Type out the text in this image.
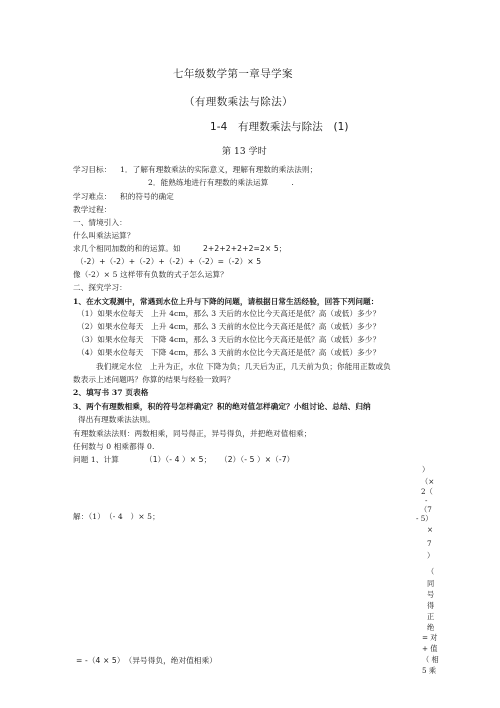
七年级数学第一章导学案
（有理数乘法与除法）
1-4　有理数乘法与除法　(1)
第 13 学时
学习目标： 1．了解有理数乘法的实际意义，理解有理数的乘法法则；
2．能熟练地进行有理数的乘法运算　　　.
学习难点： 积的符号的确定
教学过程：
一、情境引入：
什么叫乘法运算？
求几个相同加数的和的运算。如	2+2+2+2+2=2× 5；
（-2）+（-2）+（-2）+（-2）+（-2）=（-2）× 5
像（-2）× 5 这样带有负数的式子怎么运算？
二、探究学习：
1、在水文观测中，常遇到水位上升与下降的问题，请根据日常生活经验，回答下列问题：
（1）如果水位每天　上升 4cm，那么 3 天后的水位比今天高还是低？高（或低）多少？
（2）如果水位每天　上升 4cm，那么 3 天前的水位比今天高还是低？高（或低）多少？
（3）如果水位每天　下降 4cm，那么 3 天后的水位比今天高还是低？高（或低）多少？
（4）如果水位每天　下降 4cm，那么 3 天前的水位比今天高还是低？高（或低）多少？
我们规定水位　上升为正，水位 下降为负；几天后为正，几天前为负；你能用正数或负
数表示上述问题吗？你算的结果与经验一致吗？
2、填写书 37 页表格
3、两个有理数相乘，积的符号怎样确定？积的绝对值怎样确定？小组讨论、总结、归纳
得出有理数乘法法则。
有理数乘法法则：两数相乘，同号得正，异号得负，并把绝对值相乘；
任何数与 0 相乘都得 0.
问题 1、计算	（1）（- 4 ）× 5； （2）（- 5 ）×（-7）
解：（1）　（- 4　）× 5；
= -（4 × 5）　（异号得负，绝对值相乘）
）
（×
2（
-
（7
- 5）
×
7
）
（
同
号
得
正
绝
= 对
+ 值
（ 相
5 乘
